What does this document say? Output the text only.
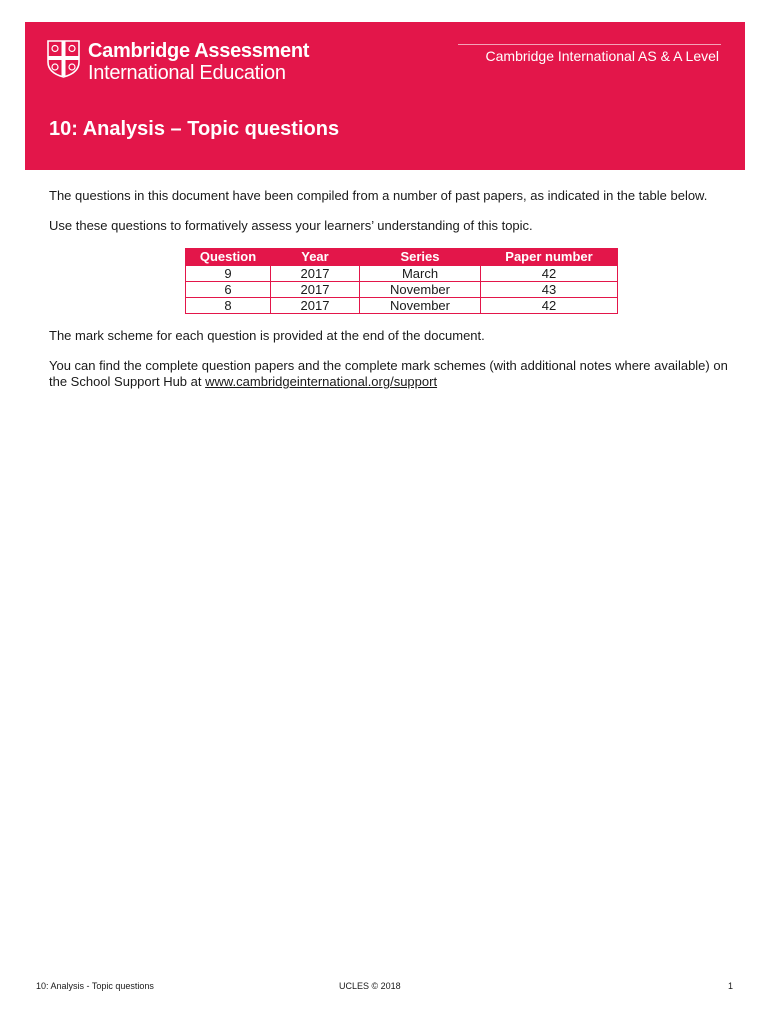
Cambridge Assessment
International Education
Cambridge International AS & A Level
10: Analysis – Topic questions

The questions in this document have been compiled from a number of past papers, as indicated in the table below.

Use these questions to formatively assess your learners’ understanding of this topic.

Question	Year	Series	Paper number
9	2017	March	42
6	2017	November	43
8	2017	November	42

The mark scheme for each question is provided at the end of the document.

You can find the complete question papers and the complete mark schemes (with additional notes where available) on the School Support Hub at www.cambridgeinternational.org/support

10: Analysis - Topic questions	UCLES © 2018	1
